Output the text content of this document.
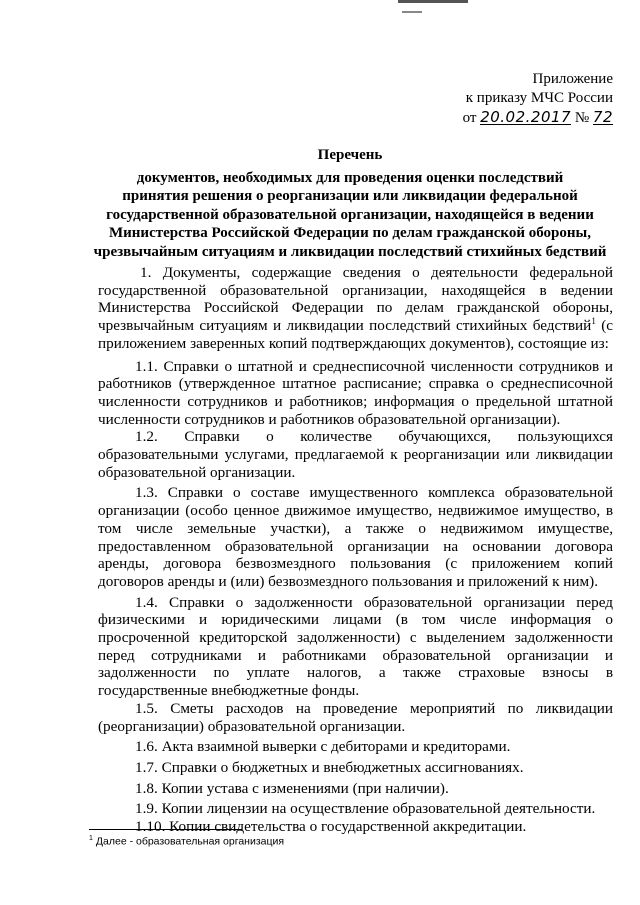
Приложение
к приказу МЧС России
от 20.02.2017 № 72
Перечень
документов, необходимых для проведения оценки последствий
принятия решения о реорганизации или ликвидации федеральной
государственной образовательной организации, находящейся в ведении
Министерства Российской Федерации по делам гражданской обороны,
чрезвычайным ситуациям и ликвидации последствий стихийных бедствий

1. Документы, содержащие сведения о деятельности федеральной государственной образовательной организации, находящейся в ведении Министерства Российской Федерации по делам гражданской обороны, чрезвычайным ситуациям и ликвидации последствий стихийных бедствий$^1$ (с приложением заверенных копий подтверждающих документов), состоящие из:

1.1. Справки о штатной и среднесписочной численности сотрудников и работников (утвержденное штатное расписание; справка о среднесписочной численности сотрудников и работников; информация о предельной штатной численности сотрудников и работников образовательной организации).

1.2. Справки о количестве обучающихся, пользующихся образовательными услугами, предлагаемой к реорганизации или ликвидации образовательной организации.

1.3. Справки о составе имущественного комплекса образовательной организации (особо ценное движимое имущество, недвижимое имущество, в том числе земельные участки), а также о недвижимом имуществе, предоставленном образовательной организации на основании договора аренды, договора безвозмездного пользования (с приложением копий договоров аренды и (или) безвозмездного пользования и приложений к ним).

1.4. Справки о задолженности образовательной организации перед физическими и юридическими лицами (в том числе информация о просроченной кредиторской задолженности) с выделением задолженности перед сотрудниками и работниками образовательной организации и задолженности по уплате налогов, а также страховые взносы в государственные внебюджетные фонды.

1.5. Сметы расходов на проведение мероприятий по ликвидации (реорганизации) образовательной организации.

1.6. Акта взаимной выверки с дебиторами и кредиторами.

1.7. Справки о бюджетных и внебюджетных ассигнованиях.

1.8. Копии устава с изменениями (при наличии).

1.9. Копии лицензии на осуществление образовательной деятельности.

1.10. Копии свидетельства о государственной аккредитации.

$^1$ Далее - образовательная организация
